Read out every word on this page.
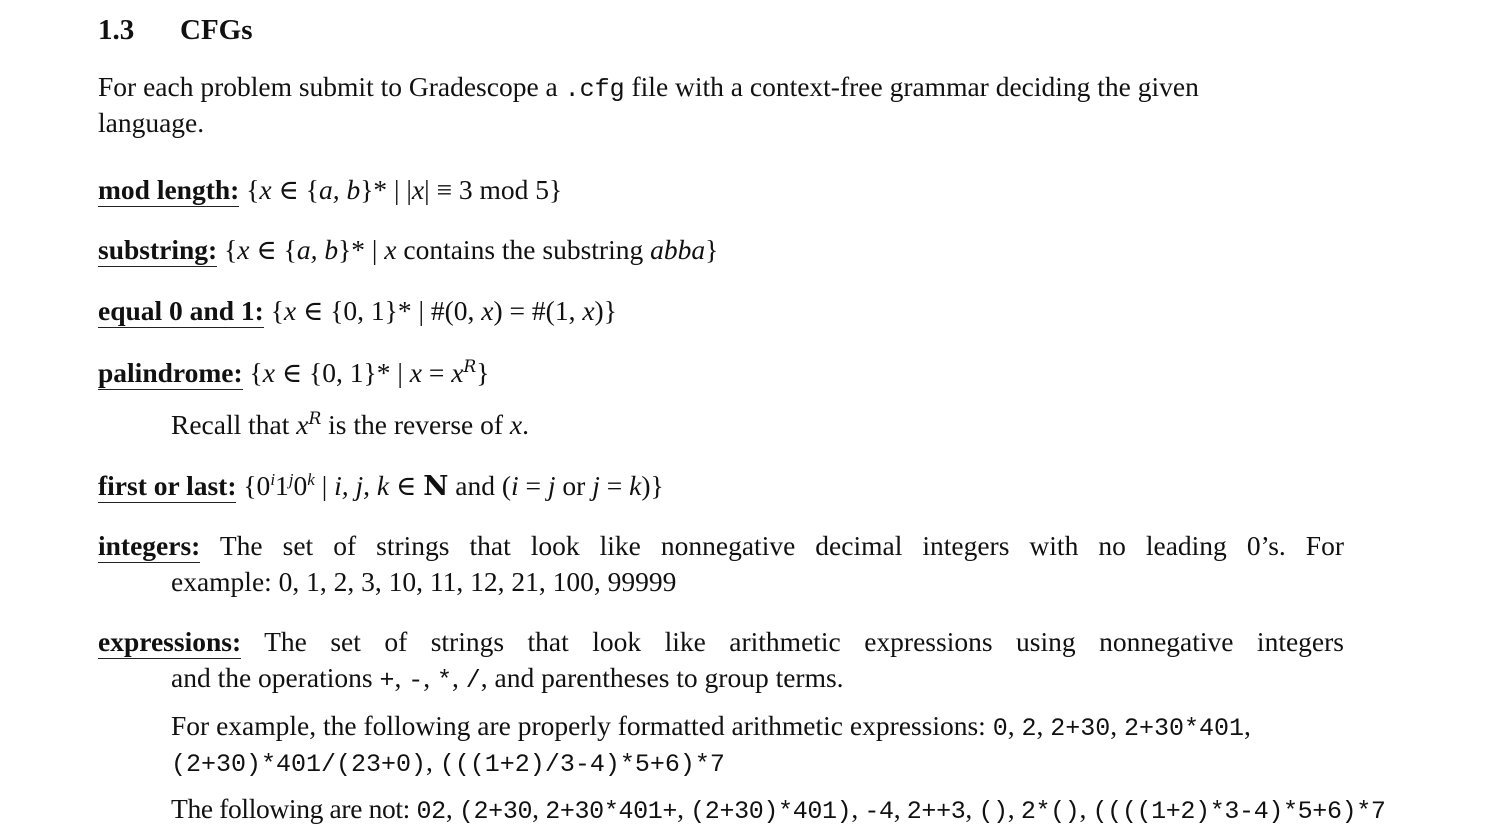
1.3 CFGs
For each problem submit to Gradescope a .cfg file with a context-free grammar deciding the given
language.
mod length: {x ∈ {a, b}* | |x| ≡ 3 mod 5}
substring: {x ∈ {a, b}* | x contains the substring abba}
equal 0 and 1: {x ∈ {0, 1}* | #(0, x) = #(1, x)}
palindrome: {x ∈ {0, 1}* | $x = x^R$}
Recall that $x^R$ is the reverse of x.
first or last: {0$^i$1$^j$0$^k$ | i, j, k ∈ N and (i = j or j = k)}
integers: The set of strings that look like nonnegative decimal integers with no leading 0’s. For
example: 0, 1, 2, 3, 10, 11, 12, 21, 100, 99999
expressions: The set of strings that look like arithmetic expressions using nonnegative integers
and the operations +, -, *, /, and parentheses to group terms.
For example, the following are properly formatted arithmetic expressions: 0, 2, 2+30, 2+30*401,
(2+30)*401/(23+0), (((1+2)/3-4)*5+6)*7
The following are not: 02, (2+30, 2+30*401+, (2+30)*401), -4, 2++3, (), 2*(), ((((1+2)*3-4)*5+6)*7
